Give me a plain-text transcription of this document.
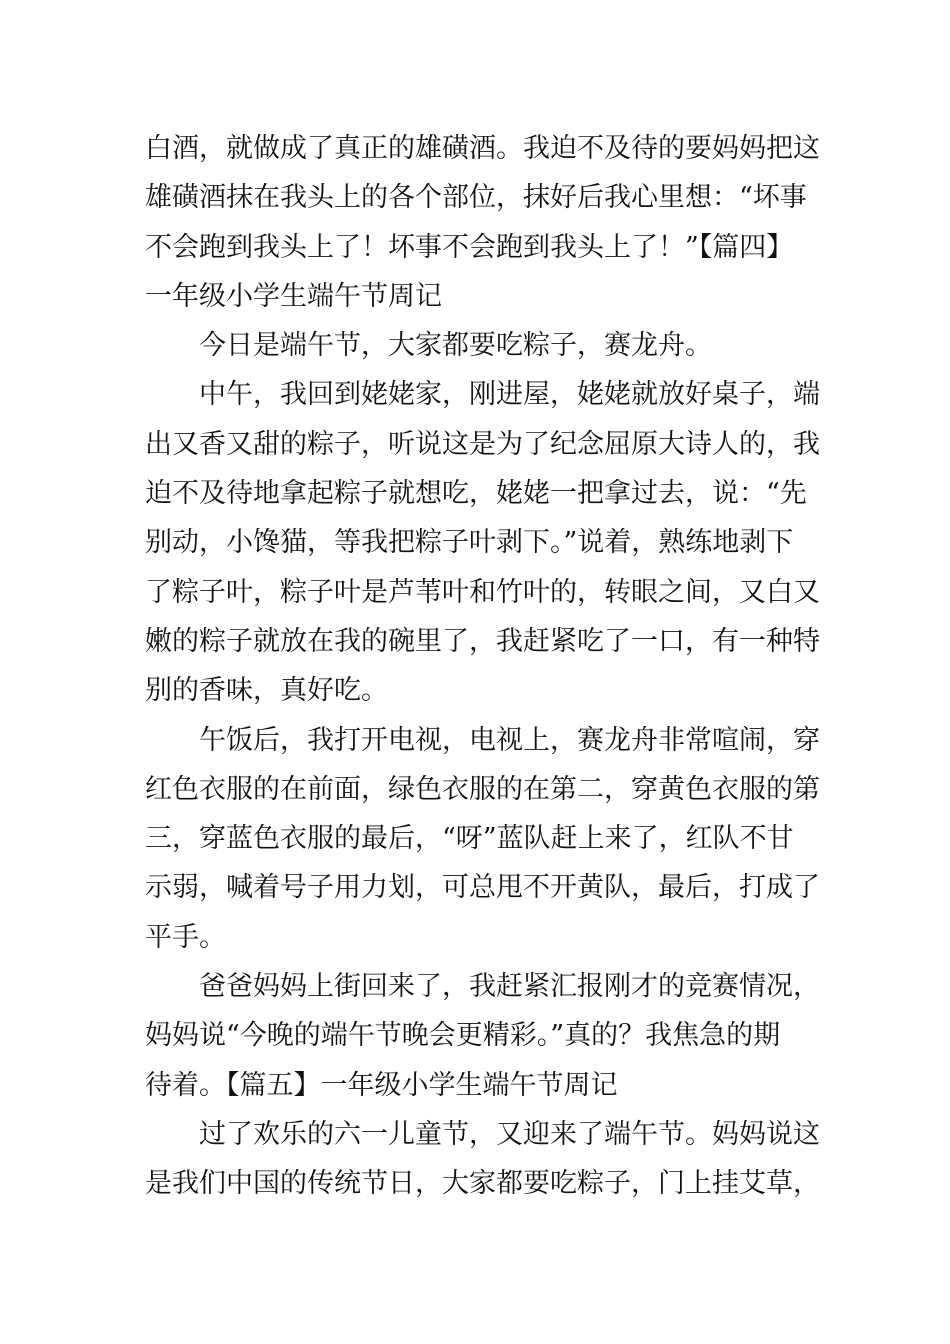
白酒，就做成了真正的雄磺酒。我迫不及待的要妈妈把这
雄磺酒抹在我头上的各个部位，抹好后我心里想：“坏事
不会跑到我头上了！坏事不会跑到我头上了！”【篇四】
一年级小学生端午节周记
今日是端午节，大家都要吃粽子，赛龙舟。
中午，我回到姥姥家，刚进屋，姥姥就放好桌子，端
出又香又甜的粽子，听说这是为了纪念屈原大诗人的，我
迫不及待地拿起粽子就想吃，姥姥一把拿过去，说：“先
别动，小馋猫，等我把粽子叶剥下。”说着，熟练地剥下
了粽子叶，粽子叶是芦苇叶和竹叶的，转眼之间，又白又
嫩的粽子就放在我的碗里了，我赶紧吃了一口，有一种特
别的香味，真好吃。
午饭后，我打开电视，电视上，赛龙舟非常喧闹，穿
红色衣服的在前面，绿色衣服的在第二，穿黄色衣服的第
三，穿蓝色衣服的最后，“呀”蓝队赶上来了，红队不甘
示弱，喊着号子用力划，可总甩不开黄队，最后，打成了
平手。
爸爸妈妈上街回来了，我赶紧汇报刚才的竞赛情况，
妈妈说“今晚的端午节晚会更精彩。”真的？我焦急的期
待着。【篇五】一年级小学生端午节周记
过了欢乐的六一儿童节，又迎来了端午节。妈妈说这
是我们中国的传统节日，大家都要吃粽子，门上挂艾草，
